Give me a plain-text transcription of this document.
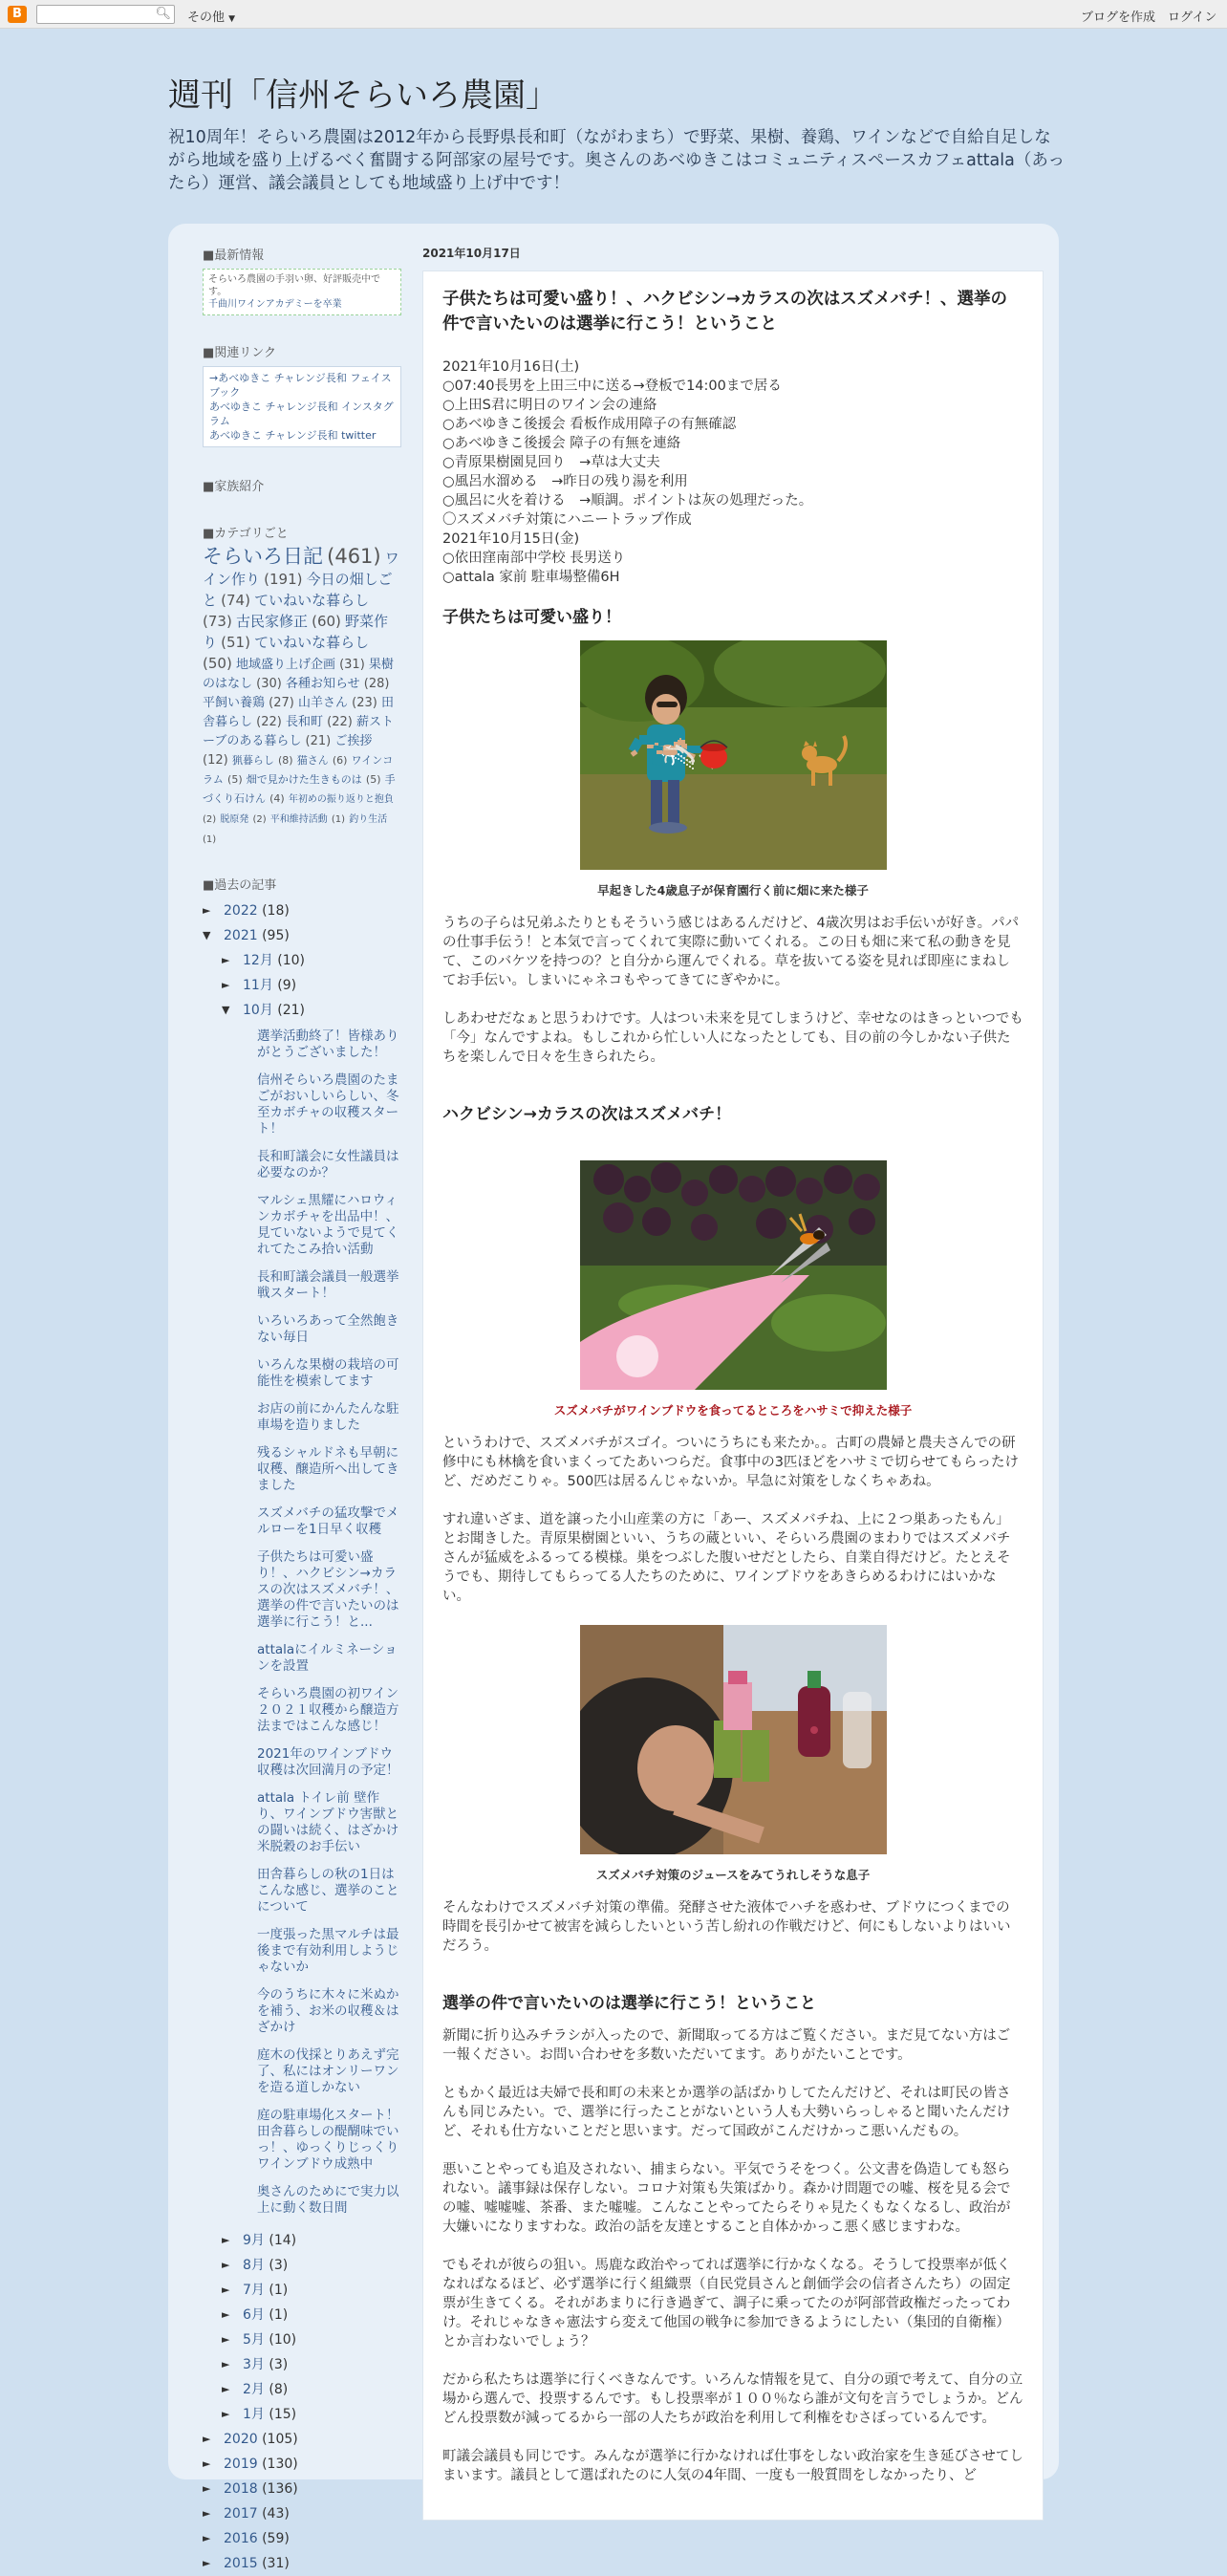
B	🔍︎ その他 ▼	ブログを作成 ログイン
週刊「信州そらいろ農園」

祝10周年！そらいろ農園は2012年から長野県長和町（ながわまち）で野菜、果樹、養鶏、ワインなどで自給自足しながら地域を盛り上げるべく奮闘する阿部家の屋号です。奥さんのあべゆきこはコミュニティスペースカフェattala（あったら）運営、議会議員としても地域盛り上げ中です！

■最新情報
そらいろ農園の手羽い卵、好評販売中です。
千曲川ワインアカデミーを卒業
■関連リンク
→あべゆきこ チャレンジ長和 フェイスブック
あべゆきこ チャレンジ長和 インスタグラム
あべゆきこ チャレンジ長和 twitter
■家族紹介
■カテゴリごと
そらいろ日記 (461) ワイン作り (191) 今日の畑しごと (74) ていねいな暮らし (73) 古民家修正 (60) 野菜作り (51) ていねいな暮らし (50) 地域盛り上げ企画 (31) 果樹のはなし (30) 各種お知らせ (28) 平飼い養鶏 (27) 山羊さん (23) 田舎暮らし (22) 長和町 (22) 薪ストーブのある暮らし (21) ご挨拶 (12) 猟暮らし (8) 猫さん (6) ワインコラム (5) 畑で見かけた生きものは (5) 手づくり石けん (4) 年初めの振り返りと抱負 (2) 脱原発 (2) 平和維持活動 (1) 釣り生活 (1)
■過去の記事
► 2022 (18)
▼ 2021 (95)
► 12月 (10)
► 11月 (9)
▼ 10月 (21)
選挙活動終了！皆様ありがとうございました！
信州そらいろ農園のたまごがおいしいらしい、冬至カボチャの収穫スタート！
長和町議会に女性議員は必要なのか？
マルシェ黒耀にハロウィンカボチャを出品中！、見ていないようで見てくれてたこみ拾い活動
長和町議会議員一般選挙戦スタート！
いろいろあって全然飽きない毎日
いろんな果樹の栽培の可能性を模索してます
お店の前にかんたんな駐車場を造りました
残るシャルドネも早朝に収穫、醸造所へ出してきました
スズメバチの猛攻撃でメルローを1日早く収穫
子供たちは可愛い盛り！、ハクビシン→カラスの次はスズメバチ！、選挙の件で言いたいのは選挙に行こう！と...
attalaにイルミネーションを設置
そらいろ農園の初ワイン２０２１収穫から醸造方法まではこんな感じ！
2021年のワインブドウ収穫は次回満月の予定！
attala トイレ前 壁作り、ワインブドウ害獣との闘いは続く、はざかけ米脱穀のお手伝い
田舎暮らしの秋の1日はこんな感じ、選挙のことについて
一度張った黒マルチは最後まで有効利用しようじゃないか
今のうちに木々に米ぬかを補う、お米の収穫＆はざかけ
庭木の伐採とりあえず完了、私にはオンリーワンを造る道しかない
庭の駐車場化スタート！田舎暮らしの醍醐味でいっ！、ゆっくりじっくりワインブドウ成熟中
奥さんのためにで実力以上に動く数日間
► 9月 (14)
► 8月 (3)
► 7月 (1)
► 6月 (1)
► 5月 (10)
► 3月 (3)
► 2月 (8)
► 1月 (15)
► 2020 (105)
► 2019 (130)
► 2018 (136)
► 2017 (43)
► 2016 (59)
► 2015 (31)
2021年10月17日
子供たちは可愛い盛り！、ハクビシン→カラスの次はスズメバチ！、選挙の件で言いたいのは選挙に行こう！ということ
2021年10月16日(土)
○07:40長男を上田三中に送る→登板で14:00まで居る
○上田S君に明日のワイン会の連絡
○あべゆきこ後援会 看板作成用障子の有無確認
○あべゆきこ後援会 障子の有無を連絡
○青原果樹園見回り　→草は大丈夫
○風呂水溜める　→昨日の残り湯を利用
○風呂に火を着ける　→順調。ポイントは灰の処理だった。
〇スズメバチ対策にハニートラップ作成
2021年10月15日(金)
○依田窪南部中学校 長男送り
○attala 家前 駐車場整備6H
子供たちは可愛い盛り！
早起きした4歳息子が保育園行く前に畑に来た様子
うちの子らは兄弟ふたりともそういう感じはあるんだけど、4歳次男はお手伝いが好き。パパの仕事手伝う！と本気で言ってくれて実際に動いてくれる。この日も畑に来て私の動きを見て、このバケツを持つの？と自分から運んでくれる。草を抜いてる姿を見れば即座にまねしてお手伝い。しまいにゃネコもやってきてにぎやかに。
しあわせだなぁと思うわけです。人はつい未来を見てしまうけど、幸せなのはきっといつでも「今」なんですよね。もしこれから忙しい人になったとしても、目の前の今しかない子供たちを楽しんで日々を生きられたら。
ハクビシン→カラスの次はスズメバチ！
スズメバチがワインブドウを食ってるところをハサミで抑えた様子
というわけで、スズメバチがスゴイ。ついにうちにも来たか。。古町の農婦と農夫さんでの研修中にも林檎を食いまくってたあいつらだ。食事中の3匹ほどをハサミで切らせてもらったけど、だめだこりゃ。500匹は居るんじゃないか。早急に対策をしなくちゃあね。
すれ違いざま、道を譲った小山産業の方に「あー、スズメバチね、上に２つ巣あったもん」とお聞きした。青原果樹園といい、うちの蔵といい、そらいろ農園のまわりではスズメバチさんが猛威をふるってる模様。巣をつぶした腹いせだとしたら、自業自得だけど。たとえそうでも、期待してもらってる人たちのために、ワインブドウをあきらめるわけにはいかない。
スズメバチ対策のジュースをみてうれしそうな息子
そんなわけでスズメバチ対策の準備。発酵させた液体でハチを惑わせ、ブドウにつくまでの時間を長引かせて被害を減らしたいという苦し紛れの作戦だけど、何にもしないよりはいいだろう。
選挙の件で言いたいのは選挙に行こう！ということ
新聞に折り込みチラシが入ったので、新聞取ってる方はご覧ください。まだ見てない方はご一報ください。お問い合わせを多数いただいてます。ありがたいことです。
ともかく最近は夫婦で長和町の未来とか選挙の話ばかりしてたんだけど、それは町民の皆さんも同じみたい。で、選挙に行ったことがないという人も大勢いらっしゃると聞いたんだけど、それも仕方ないことだと思います。だって国政がこんだけかっこ悪いんだもの。
悪いことやっても追及されない、捕まらない。平気でうそをつく。公文書を偽造しても怒られない。議事録は保存しない。コロナ対策も失策ばかり。森かけ問題での嘘、桜を見る会での嘘、嘘嘘嘘、茶番、また嘘嘘。こんなことやってたらそりゃ見たくもなくなるし、政治が大嫌いになりますわな。政治の話を友達とすること自体かかっこ悪く感じますわな。
でもそれが彼らの狙い。馬鹿な政治やってれば選挙に行かなくなる。そうして投票率が低くなればなるほど、必ず選挙に行く組織票（自民党員さんと創価学会の信者さんたち）の固定票が生きてくる。それがあまりに行き過ぎて、調子に乗ってたのが阿部菅政権だったってわけ。それじゃなきゃ憲法すら変えて他国の戦争に参加できるようにしたい（集団的自衛権）とか言わないでしょう？
だから私たちは選挙に行くべきなんです。いろんな情報を見て、自分の頭で考えて、自分の立場から選んで、投票するんです。もし投票率が１００％なら誰が文句を言うでしょうか。どんどん投票数が減ってるから一部の人たちが政治を利用して利権をむさぼっているんです。
町議会議員も同じです。みんなが選挙に行かなければ仕事をしない政治家を生き延びさせてしまいます。議員として選ばれたのに人気の4年間、一度も一般質問をしなかったり、ど
